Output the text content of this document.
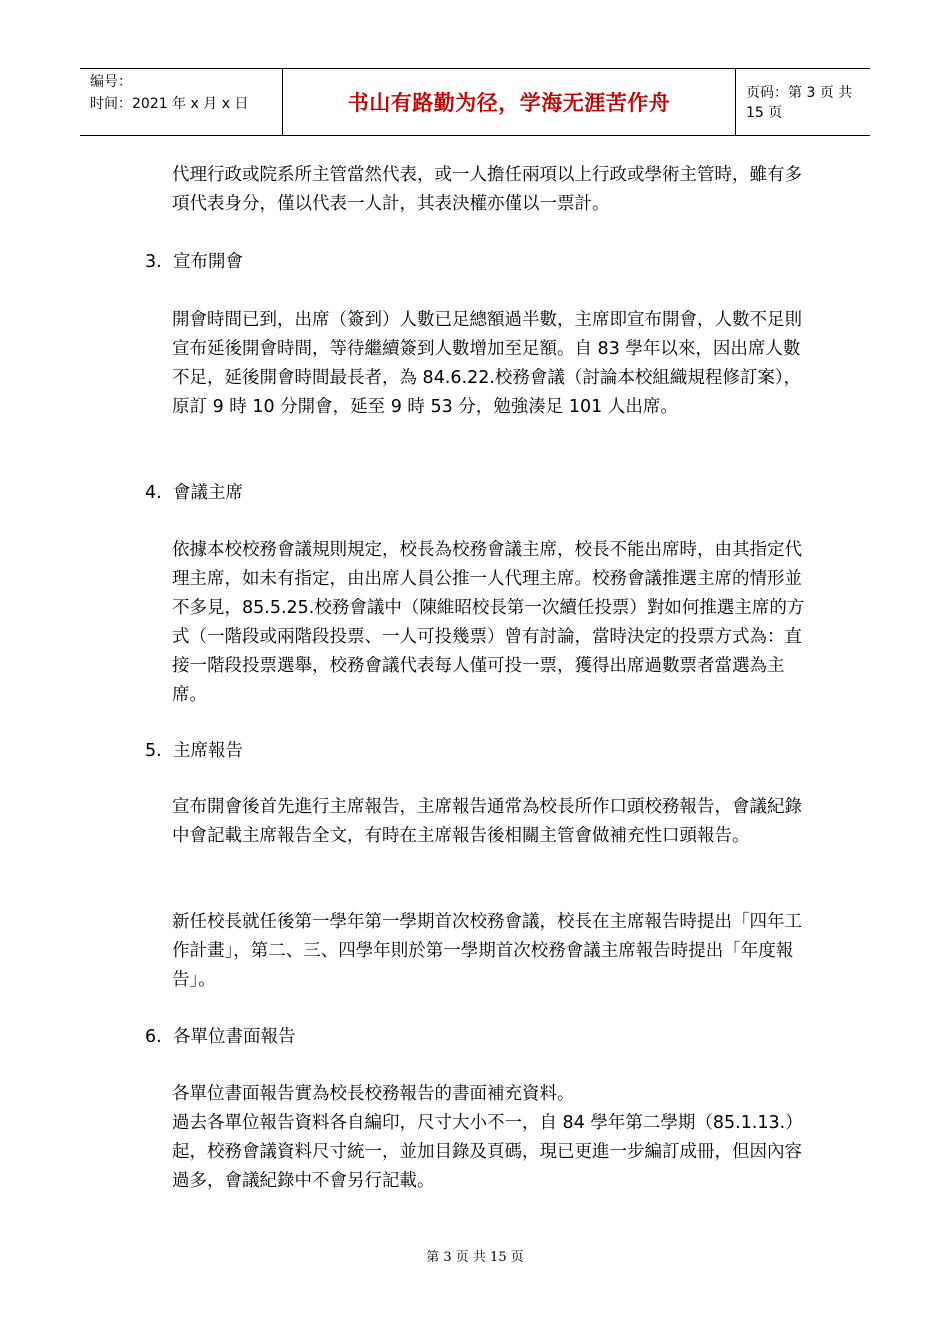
编号：
时间：2021 年 x 月 x 日	书山有路勤为径，学海无涯苦作舟	页码：第 3 页 共 15 页

代理行政或院系所主管當然代表，或一人擔任兩項以上行政或學術主管時，雖有多項代表身分，僅以代表一人計，其表決權亦僅以一票計。

3. 宣布開會

開會時間已到，出席（簽到）人數已足總額過半數，主席即宣布開會，人數不足則宣布延後開會時間，等待繼續簽到人數增加至足額。自 83 學年以來，因出席人數不足，延後開會時間最長者，為 84.6.22.校務會議（討論本校組織規程修訂案），原訂 9 時 10 分開會，延至 9 時 53 分，勉強湊足 101 人出席。

4. 會議主席

依據本校校務會議規則規定，校長為校務會議主席，校長不能出席時，由其指定代理主席，如未有指定，由出席人員公推一人代理主席。校務會議推選主席的情形並不多見，85.5.25.校務會議中（陳維昭校長第一次續任投票）對如何推選主席的方式（一階段或兩階段投票、一人可投幾票）曾有討論，當時決定的投票方式為：直接一階段投票選舉，校務會議代表每人僅可投一票，獲得出席過數票者當選為主席。

5. 主席報告

宣布開會後首先進行主席報告，主席報告通常為校長所作口頭校務報告，會議紀錄中會記載主席報告全文，有時在主席報告後相關主管會做補充性口頭報告。

新任校長就任後第一學年第一學期首次校務會議，校長在主席報告時提出「四年工作計畫」，第二、三、四學年則於第一學期首次校務會議主席報告時提出「年度報告」。

6. 各單位書面報告

各單位書面報告實為校長校務報告的書面補充資料。

過去各單位報告資料各自編印，尺寸大小不一，自 84 學年第二學期（85.1.13.）起，校務會議資料尺寸統一，並加目錄及頁碼，現已更進一步編訂成冊，但因內容過多，會議紀錄中不會另行記載。

第 3 页 共 15 页
